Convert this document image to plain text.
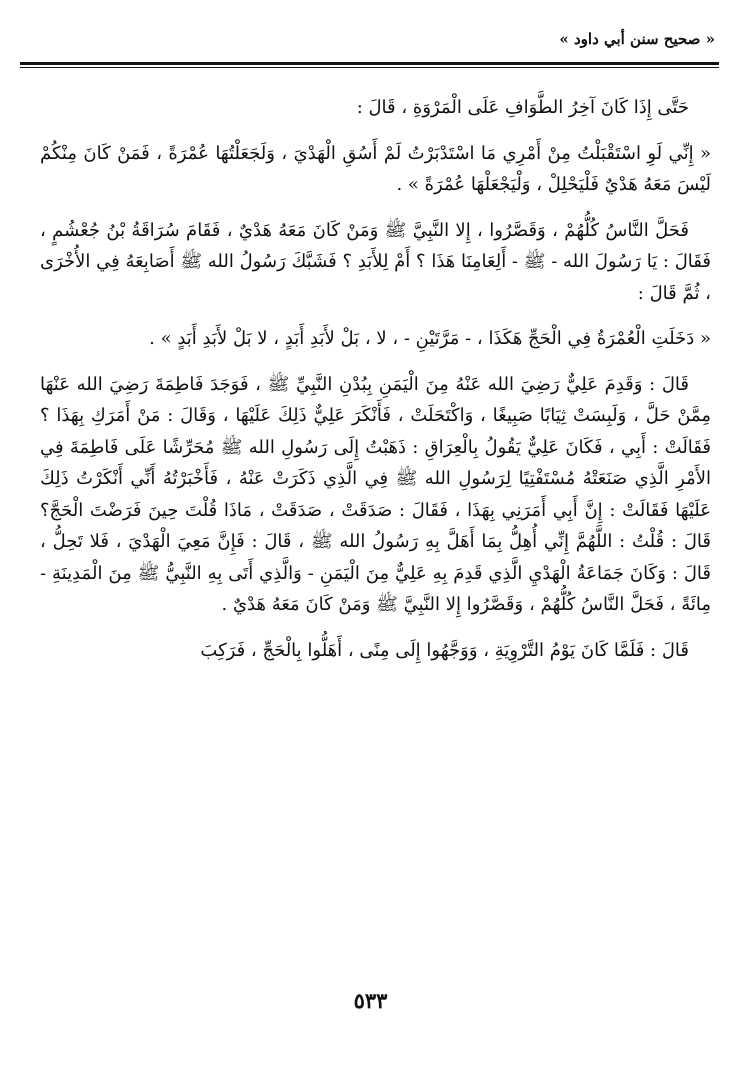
« صحيح سنن أبي داود »

حَتَّى إِذَا كَانَ آخِرُ الطَّوَافِ عَلَى الْمَرْوَةِ ، قَالَ :

« إِنِّي لَوِ اسْتَقْبَلْتُ مِنْ أَمْرِي مَا اسْتَدْبَرْتُ لَمْ أَسُقِ الْهَدْيَ ، وَلَجَعَلْتُهَا عُمْرَةً ، فَمَنْ كَانَ مِنْكُمْ لَيْسَ مَعَهُ هَدْيٌ فَلْيَحْلِلْ ، وَلْيَجْعَلْهَا عُمْرَةً » .

فَحَلَّ النَّاسُ كُلُّهُمْ ، وَقَصَّرُوا ، إِلا النَّبِيَّ ﷺ وَمَنْ كَانَ مَعَهُ هَدْيٌ ، فَقَامَ سُرَاقَةُ بْنُ جُعْشُمٍ ، فَقَالَ : يَا رَسُولَ الله - ﷺ - أَلِعَامِنَا هَذَا ؟ أَمْ لِلأَبَدِ ؟ فَشَبَّكَ رَسُولُ الله ﷺ أَصَابِعَهُ فِي الأُخْرَى ، ثُمَّ قَالَ :

« دَخَلَتِ الْعُمْرَةُ فِي الْحَجِّ هَكَذَا ، - مَرَّتَيْنِ - ، لا ، بَلْ لأَبَدِ أَبَدٍ ، لا بَلْ لأَبَدِ أَبَدٍ » .

قَالَ : وَقَدِمَ عَلِيٌّ رَضِيَ الله عَنْهُ مِنَ الْيَمَنِ بِبُدْنِ النَّبِيِّ ﷺ ، فَوَجَدَ فَاطِمَةَ رَضِيَ الله عَنْهَا مِمَّنْ حَلَّ ، وَلَبِسَتْ ثِيَابًا صَبِيغًا ، وَاكْتَحَلَتْ ، فَأَنْكَرَ عَلِيٌّ ذَلِكَ عَلَيْهَا ، وَقَالَ : مَنْ أَمَرَكِ بِهَذَا ؟ فَقَالَتْ : أَبِي ، فَكَانَ عَلِيٌّ يَقُولُ بِالْعِرَاقِ : ذَهَبْتُ إِلَى رَسُولِ الله ﷺ مُحَرِّشًا عَلَى فَاطِمَةَ فِي الأَمْرِ الَّذِي صَنَعَتْهُ مُسْتَفْتِيًا لِرَسُولِ الله ﷺ فِي الَّذِي ذَكَرَتْ عَنْهُ ، فَأَخْبَرْتُهُ أَنِّي أَنْكَرْتُ ذَلِكَ عَلَيْهَا فَقَالَتْ : إِنَّ أَبِي أَمَرَنِي بِهَذَا ، فَقَالَ : صَدَقَتْ ، صَدَقَتْ ، مَاذَا قُلْتَ حِينَ فَرَضْتَ الْحَجَّ؟ قَالَ : قُلْتُ : اللَّهُمَّ إِنِّي أُهِلُّ بِمَا أَهَلَّ بِهِ رَسُولُ الله ﷺ ، قَالَ : فَإِنَّ مَعِيَ الْهَدْيَ ، فَلا تَحِلُّ ، قَالَ : وَكَانَ جَمَاعَةُ الْهَدْيِ الَّذِي قَدِمَ بِهِ عَلِيٌّ مِنَ الْيَمَنِ - وَالَّذِي أَتَى بِهِ النَّبِيُّ ﷺ مِنَ الْمَدِينَةِ - مِائَةً ، فَحَلَّ النَّاسُ كُلُّهُمْ ، وَقَصَّرُوا إِلا النَّبِيَّ ﷺ وَمَنْ كَانَ مَعَهُ هَدْيٌ .

قَالَ : فَلَمَّا كَانَ يَوْمُ التَّرْوِيَةِ ، وَوَجَّهُوا إِلَى مِنًى ، أَهَلُّوا بِالْحَجِّ ، فَرَكِبَ

٥٣٣
